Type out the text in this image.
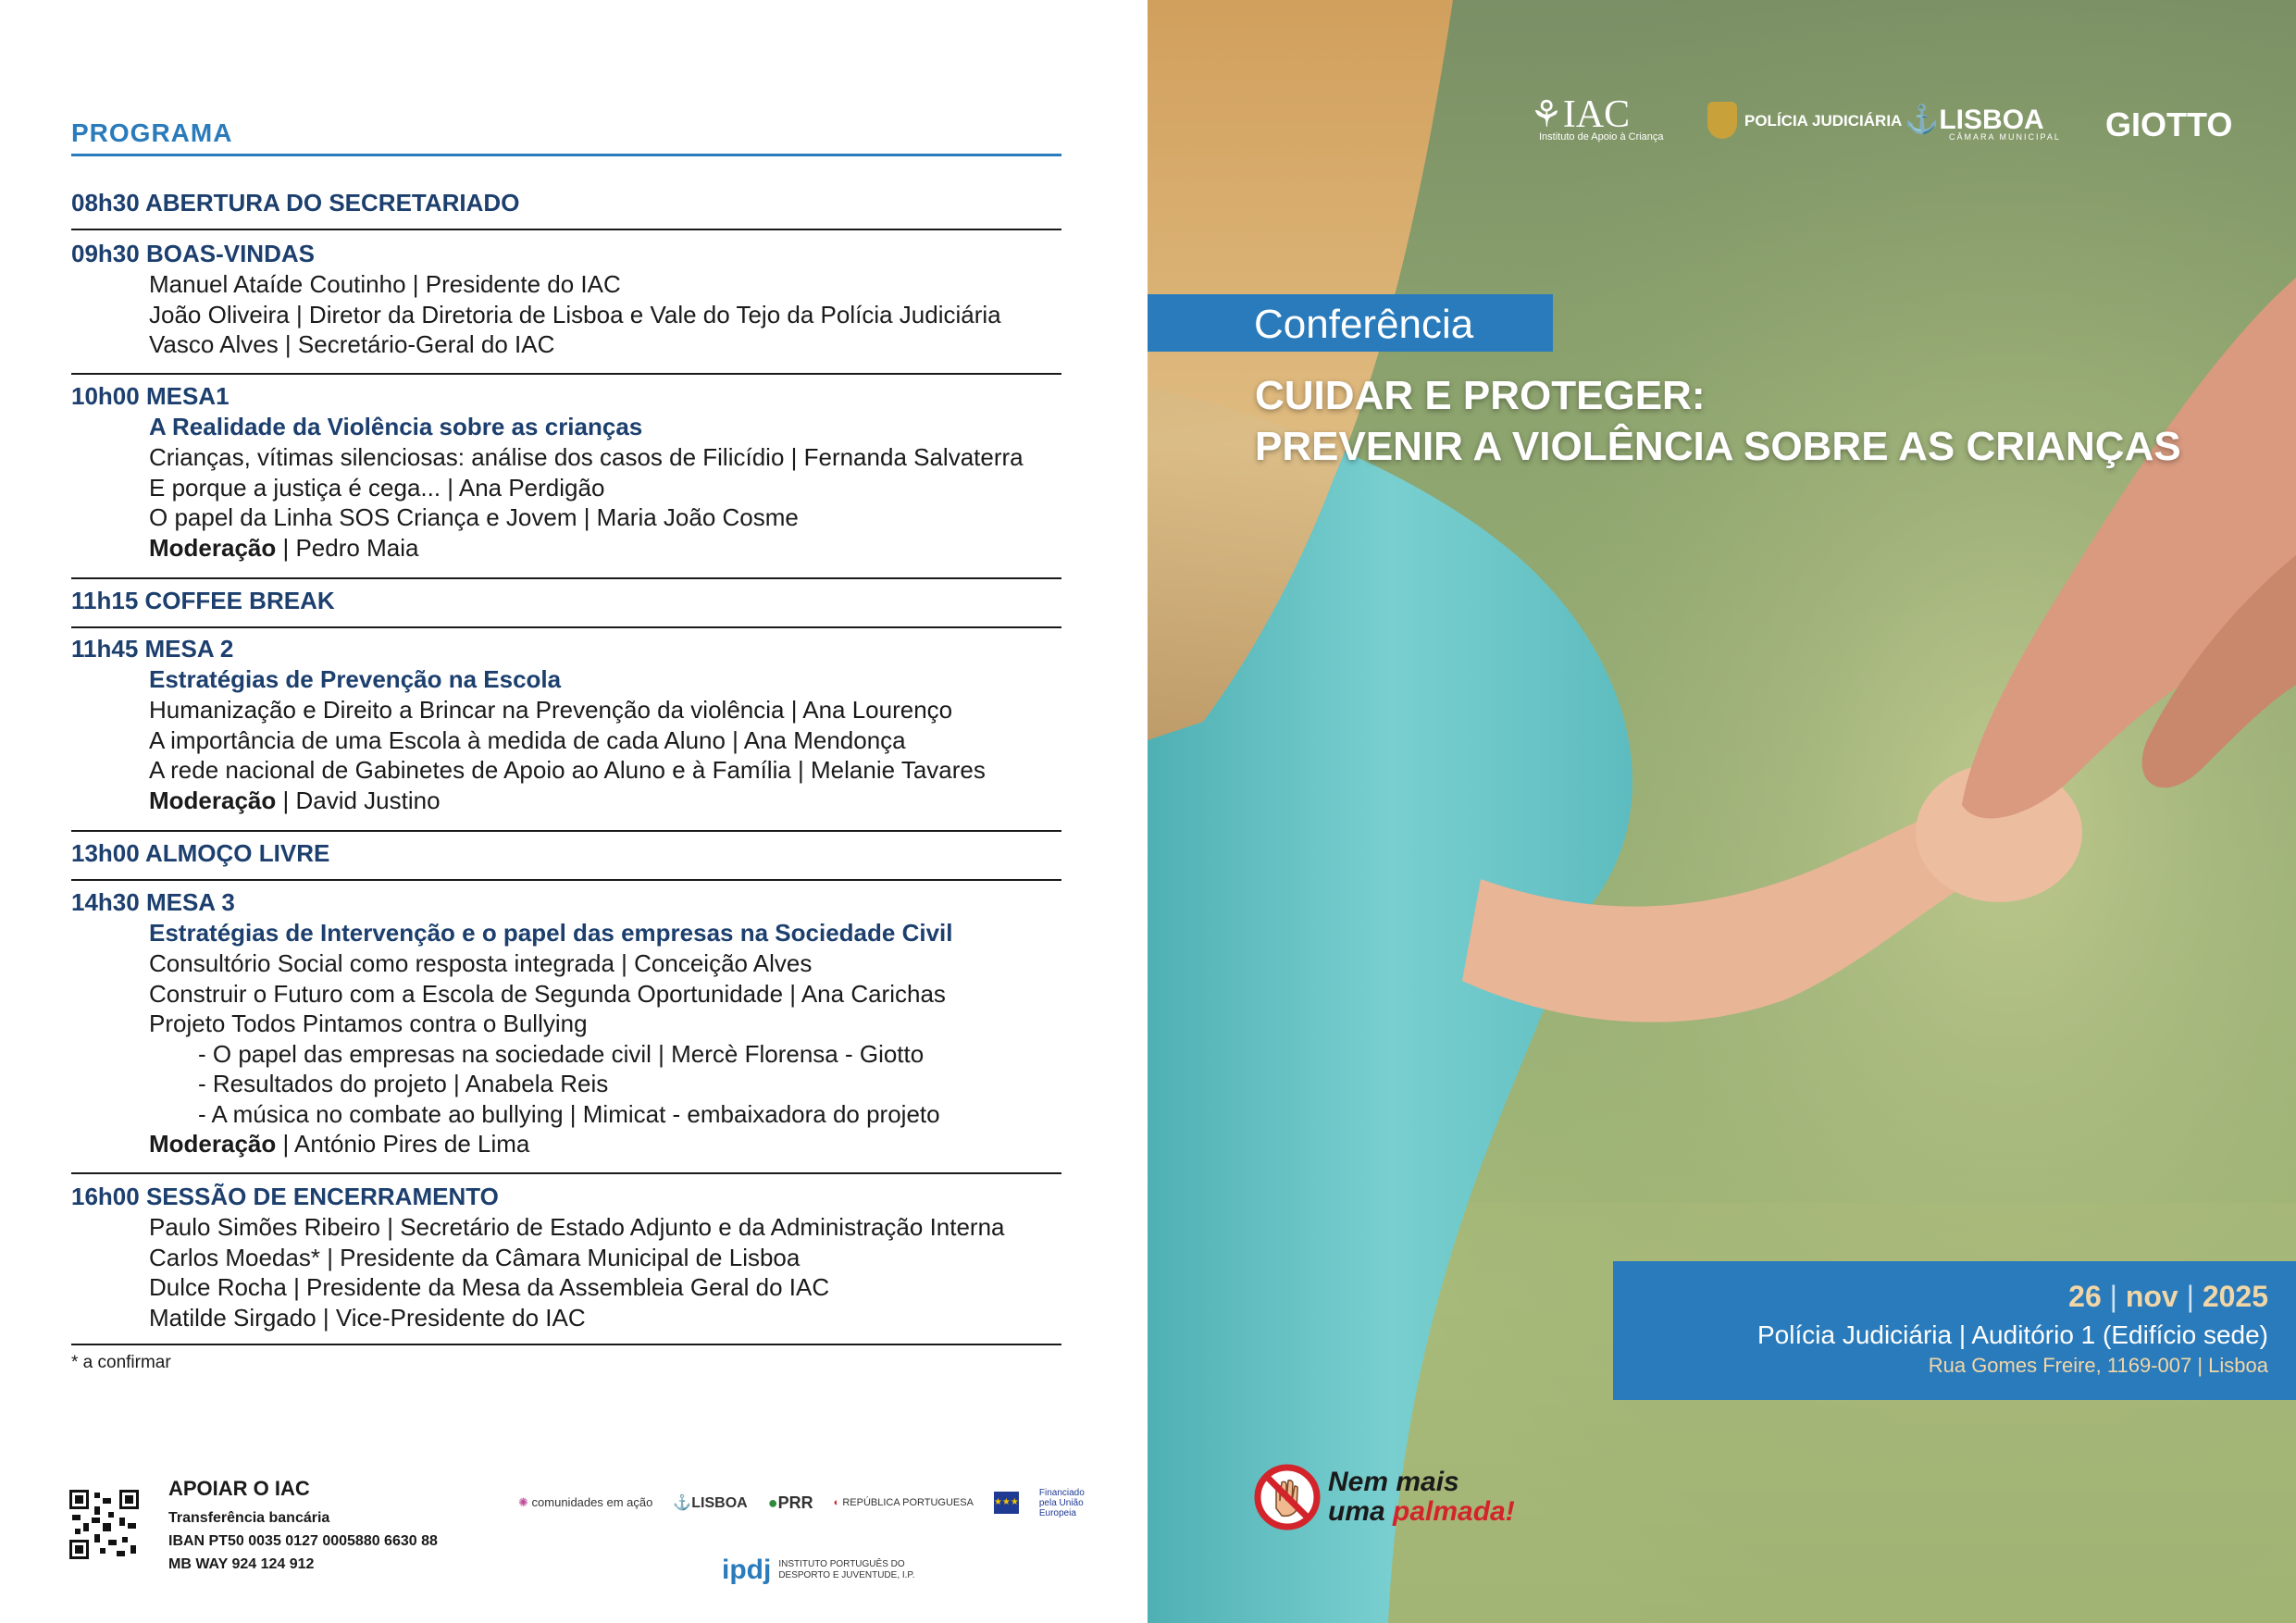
PROGRAMA
08h30 ABERTURA DO SECRETARIADO
09h30 BOAS-VINDAS
Manuel Ataíde Coutinho | Presidente do IAC
João Oliveira | Diretor da Diretoria de Lisboa e Vale do Tejo da Polícia Judiciária
Vasco Alves | Secretário-Geral do IAC
10h00 MESA1
A Realidade da Violência sobre as crianças
Crianças, vítimas silenciosas: análise dos casos de Filicídio | Fernanda Salvaterra
E porque a justiça é cega... | Ana Perdigão
O papel da Linha SOS Criança e Jovem | Maria João Cosme
Moderação | Pedro Maia
11h15 COFFEE BREAK
11h45 MESA 2
Estratégias de Prevenção na Escola
Humanização e Direito a Brincar na Prevenção da violência | Ana Lourenço
A importância de uma Escola à medida de cada Aluno | Ana Mendonça
A rede nacional de Gabinetes de Apoio ao Aluno e à Família | Melanie Tavares
Moderação | David Justino
13h00 ALMOÇO LIVRE
14h30 MESA 3
Estratégias de Intervenção e o papel das empresas na Sociedade Civil
Consultório Social como resposta integrada | Conceição Alves
Construir o Futuro com a Escola de Segunda Oportunidade | Ana Carichas
Projeto Todos Pintamos contra o Bullying
- O papel das empresas na sociedade civil | Mercè Florensa - Giotto
- Resultados do projeto | Anabela Reis
- A música no combate ao bullying | Mimicat - embaixadora do projeto
Moderação | António Pires de Lima
16h00 SESSÃO DE ENCERRAMENTO
Paulo Simões Ribeiro | Secretário de Estado Adjunto e da Administração Interna
Carlos Moedas* | Presidente da Câmara Municipal de Lisboa
Dulce Rocha | Presidente da Mesa da Assembleia Geral do IAC
Matilde Sirgado | Vice-Presidente do IAC
* a confirmar
APOIAR O IAC
Transferência bancária
IBAN PT50 0035 0127 0005880 6630 88
MB WAY 924 124 912
✺ comunidades em ação ⚓LISBOA ●PRR ◐ REPÚBLICA PORTUGUESA ★★★
Financiado pela União Europeia
ipdj INSTITUTO PORTUGUÊS DO DESPORTO E JUVENTUDE, I.P.
⚘IAC
Instituto de Apoio à Criança
POLÍCIA JUDICIÁRIA ⚓LISBOA
CÂMARA MUNICIPAL GIOTTO
Conferência
CUIDAR E PROTEGER:
PREVENIR A VIOLÊNCIA SOBRE AS CRIANÇAS
26 | nov | 2025
Polícia Judiciária | Auditório 1 (Edifício sede)
Rua Gomes Freire, 1169-007 | Lisboa
Nem mais
uma palmada!
